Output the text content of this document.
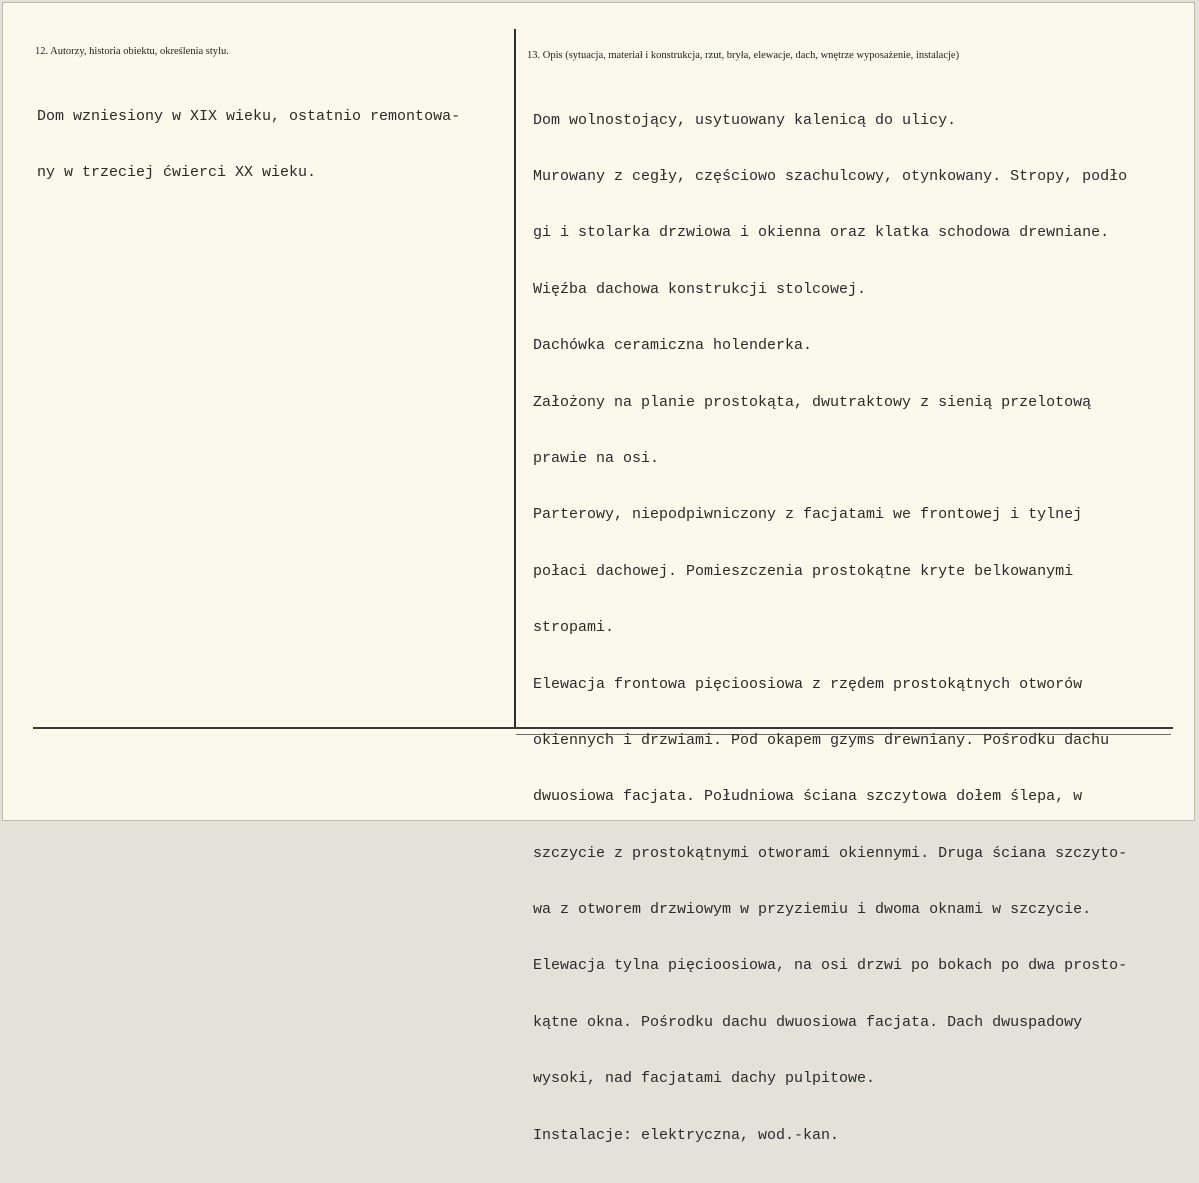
12. Autorzy, historia obiektu, określenia stylu.

Dom wzniesiony w XIX wieku, ostatnio remontowa-

ny w trzeciej ćwierci XX wieku.

13. Opis (sytuacja, materiał i konstrukcja, rzut, bryła, elewacje, dach, wnętrze wyposażenie, instalacje)

Dom wolnostojący, usytuowany kalenicą do ulicy.

Murowany z cegły, częściowo szachulcowy, otynkowany. Stropy, podło

gi i stolarka drzwiowa i okienna oraz klatka schodowa drewniane.

Więźba dachowa konstrukcji stolcowej.

Dachówka ceramiczna holenderka.

Założony na planie prostokąta, dwutraktowy z sienią przelotową

prawie na osi.

Parterowy, niepodpiwniczony z facjatami we frontowej i tylnej

połaci dachowej. Pomieszczenia prostokątne kryte belkowanymi

stropami.

Elewacja frontowa pięcioosiowa z rzędem prostokątnych otworów

okiennych i drzwiami. Pod okapem gzyms drewniany. Pośrodku dachu

dwuosiowa facjata. Południowa ściana szczytowa dołem ślepa, w

szczycie z prostokątnymi otworami okiennymi. Druga ściana szczyto-

wa z otworem drzwiowym w przyziemiu i dwoma oknami w szczycie.

Elewacja tylna pięcioosiowa, na osi drzwi po bokach po dwa prosto-

kątne okna. Pośrodku dachu dwuosiowa facjata. Dach dwuspadowy

wysoki, nad facjatami dachy pulpitowe.

Instalacje: elektryczna, wod.-kan.
